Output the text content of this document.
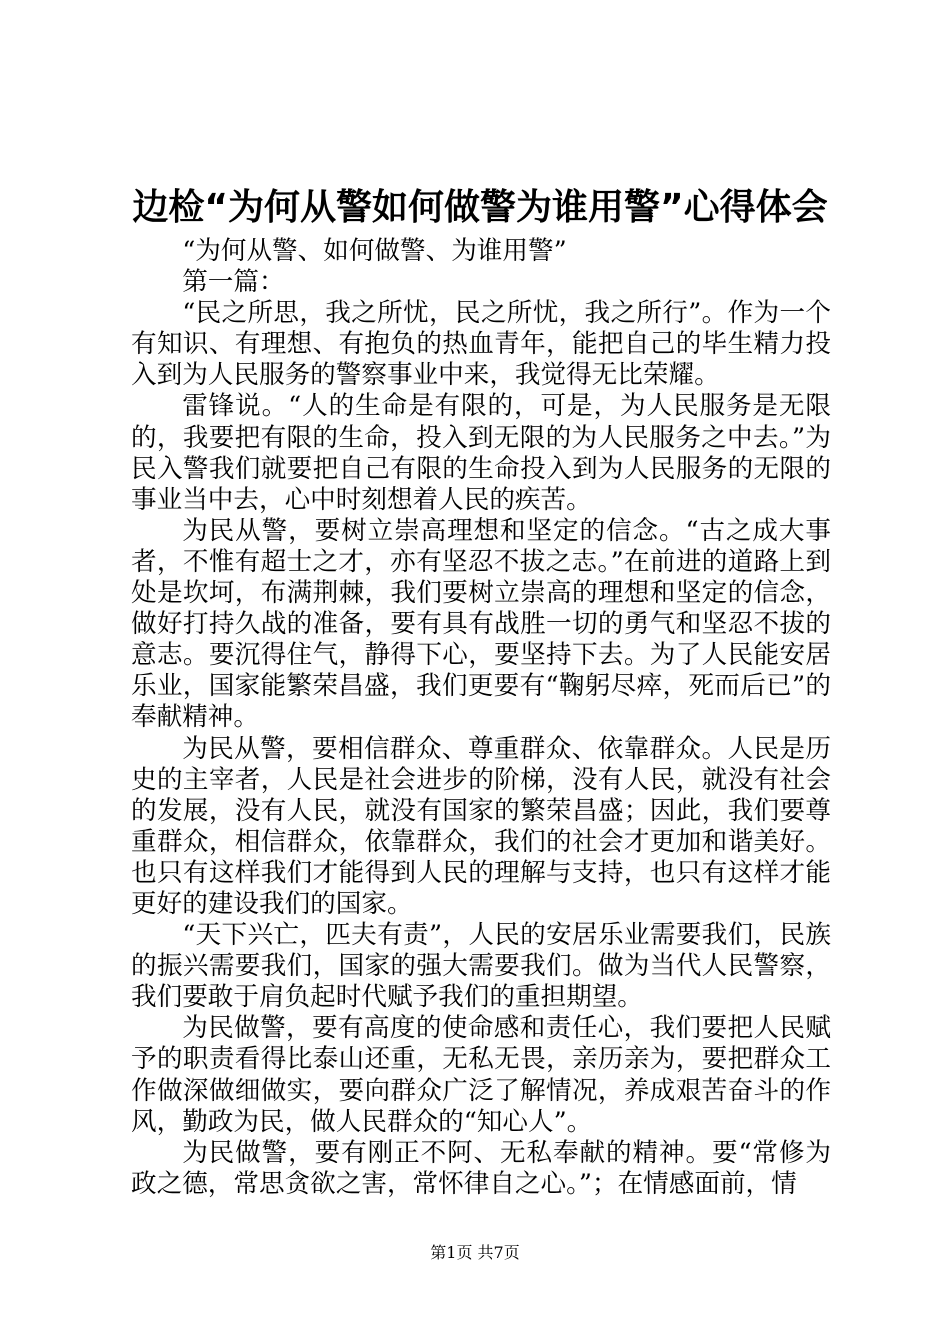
边检“为何从警如何做警为谁用警”心得体会

“为何从警、如何做警、为谁用警”

第一篇：

“民之所思，我之所忧，民之所忧，我之所行”。作为一个有知识、有理想、有抱负的热血青年，能把自己的毕生精力投入到为人民服务的警察事业中来，我觉得无比荣耀。

雷锋说。“人的生命是有限的，可是，为人民服务是无限的，我要把有限的生命，投入到无限的为人民服务之中去。”为民入警我们就要把自己有限的生命投入到为人民服务的无限的事业当中去，心中时刻想着人民的疾苦。

为民从警，要树立崇高理想和坚定的信念。“古之成大事者，不惟有超士之才，亦有坚忍不拔之志。”在前进的道路上到处是坎坷，布满荆棘，我们要树立崇高的理想和坚定的信念，做好打持久战的准备，要有具有战胜一切的勇气和坚忍不拔的意志。要沉得住气，静得下心，要坚持下去。为了人民能安居乐业，国家能繁荣昌盛，我们更要有“鞠躬尽瘁，死而后已”的奉献精神。

为民从警，要相信群众、尊重群众、依靠群众。人民是历史的主宰者，人民是社会进步的阶梯，没有人民，就没有社会的发展，没有人民，就没有国家的繁荣昌盛；因此，我们要尊重群众，相信群众，依靠群众，我们的社会才更加和谐美好。也只有这样我们才能得到人民的理解与支持，也只有这样才能更好的建设我们的国家。

“天下兴亡，匹夫有责”，人民的安居乐业需要我们，民族的振兴需要我们，国家的强大需要我们。做为当代人民警察，我们要敢于肩负起时代赋予我们的重担期望。

为民做警，要有高度的使命感和责任心，我们要把人民赋予的职责看得比泰山还重，无私无畏，亲历亲为，要把群众工作做深做细做实，要向群众广泛了解情况，养成艰苦奋斗的作风，勤政为民，做人民群众的“知心人”。

为民做警，要有刚正不阿、无私奉献的精神。要“常修为政之德，常思贪欲之害，常怀律自之心。”；在情感面前，情

第1页 共7页
